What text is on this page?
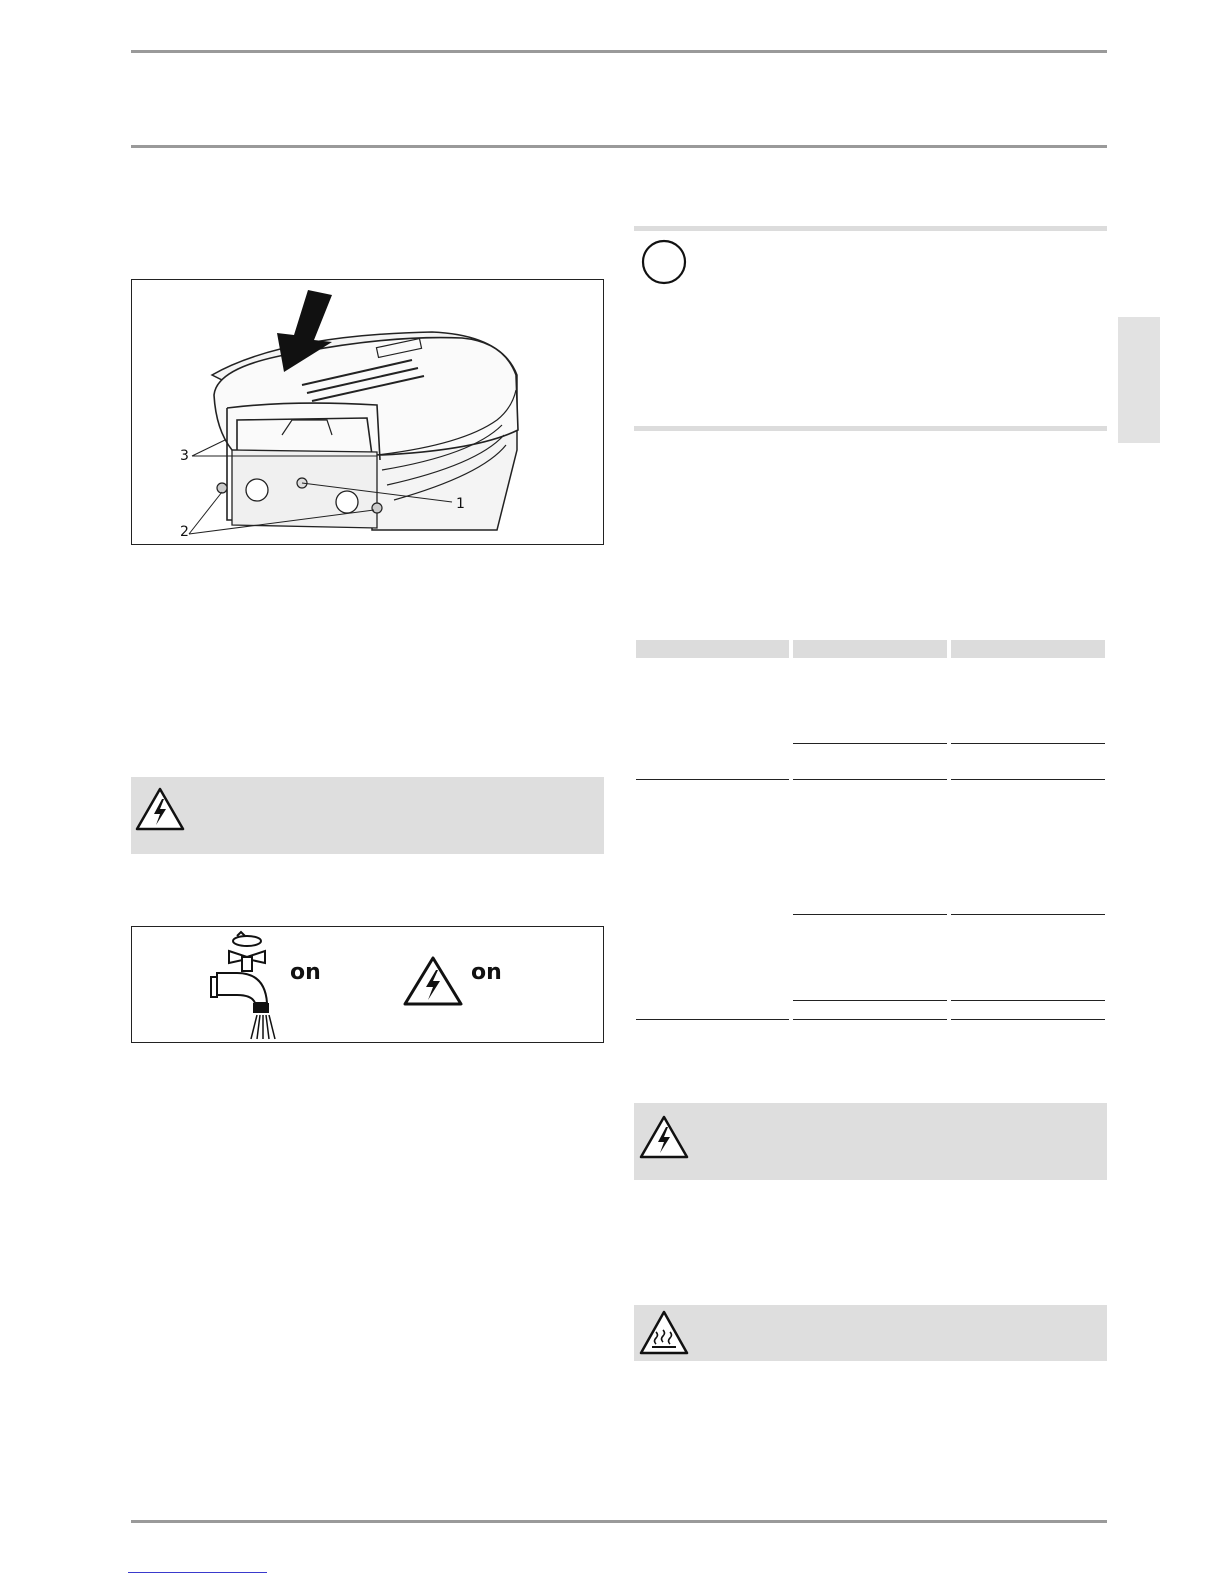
3
1
2
on	on
